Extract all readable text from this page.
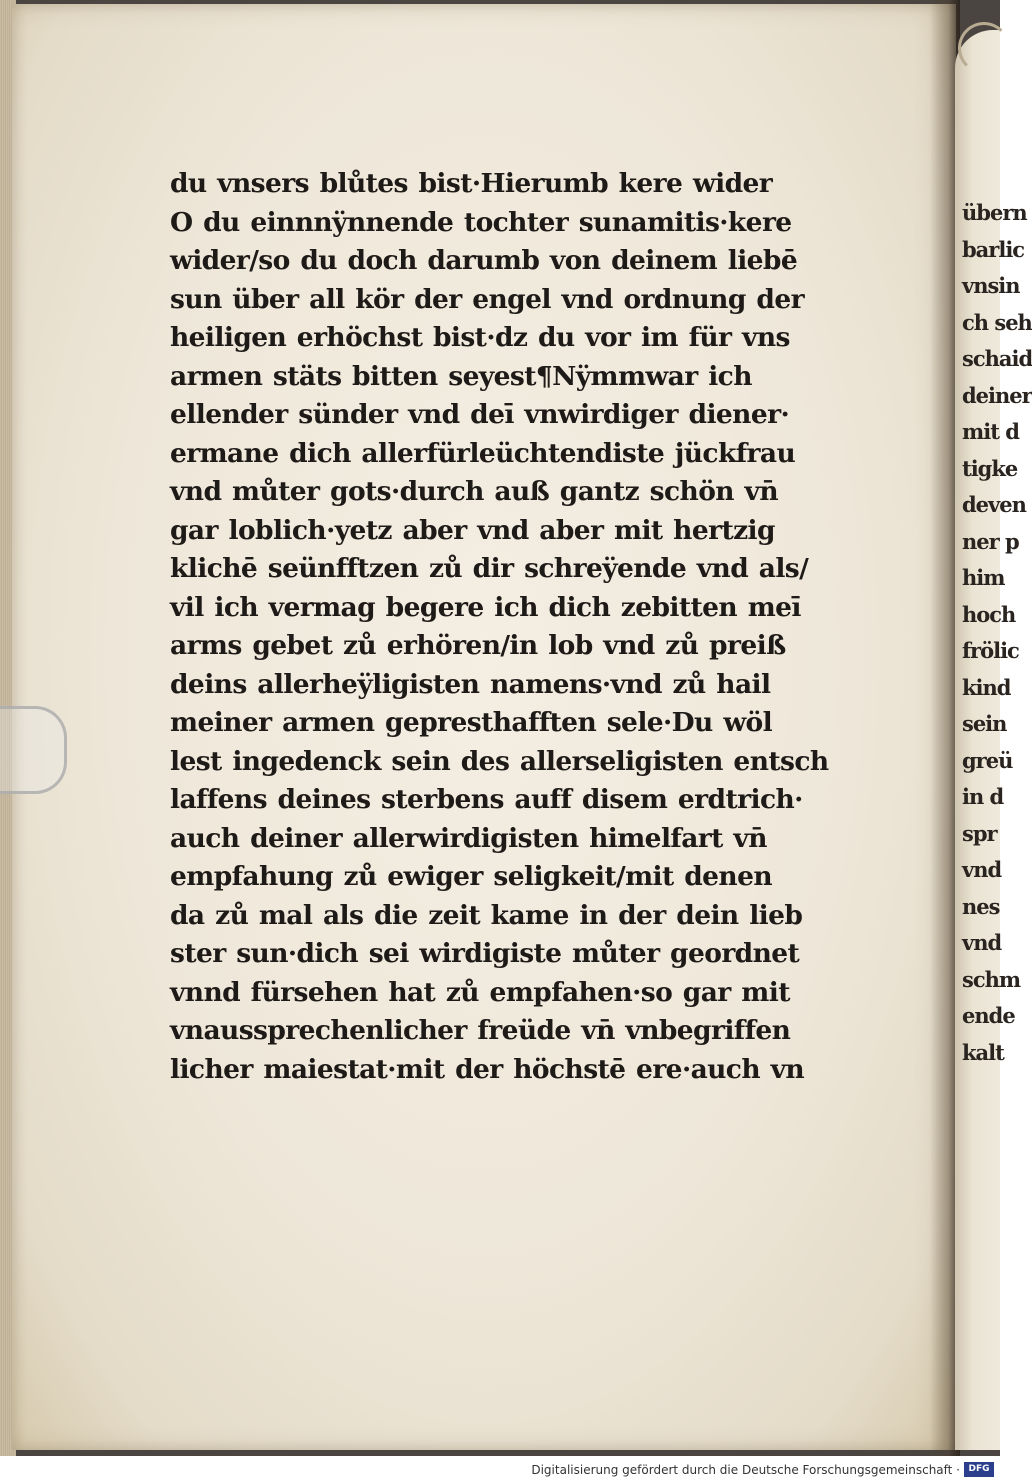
du vnsers blůtes bist·Hierumb kere wider
O du einnnÿnnende tochter sunamitis·kere
wider/so du doch darumb von deinem liebē
sun über all kör der engel vnd ordnung der
heiligen erhöchst bist·dz du vor im für vns
armen stäts bitten seyest¶Nÿmmwar ich
ellender sünder vnd deī vnwirdiger diener·
ermane dich allerfürleüchtendiste jückfrau
vnd můter gots·durch auß gantz schön vn̄
gar loblich·yetz aber vnd aber mit hertzig
klichē seünfftzen zů dir schreÿende vnd als/
vil ich vermag begere ich dich zebitten meī
arms gebet zů erhören/in lob vnd zů preiß
deins allerheÿligisten namens·vnd zů hail
meiner armen gepresthafften sele·Du wöl
lest ingedenck sein des allerseligisten entsch
laffens deines sterbens auff disem erdtrich·
auch deiner allerwirdigisten himelfart vn̄
empfahung zů ewiger seligkeit/mit denen
da zů mal als die zeit kame in der dein lieb
ster sun·dich sei wirdigiste můter geordnet
vnnd fürsehen hat zů empfahen·so gar mit
vnaussprechenlicher freüde vn̄ vnbegriffen
licher maiestat·mit der höchstē ere·auch vn
übern
barlic
vnsin
ch seh
schaid
deiner
mit d
tigke
deven
ner p
him
hoch
frölic
kind
sein
greü
in d
spr
vnd
nes
vnd
schm
ende
kalt
Digitalisierung gefördert durch die Deutsche Forschungsgemeinschaft · DFG
